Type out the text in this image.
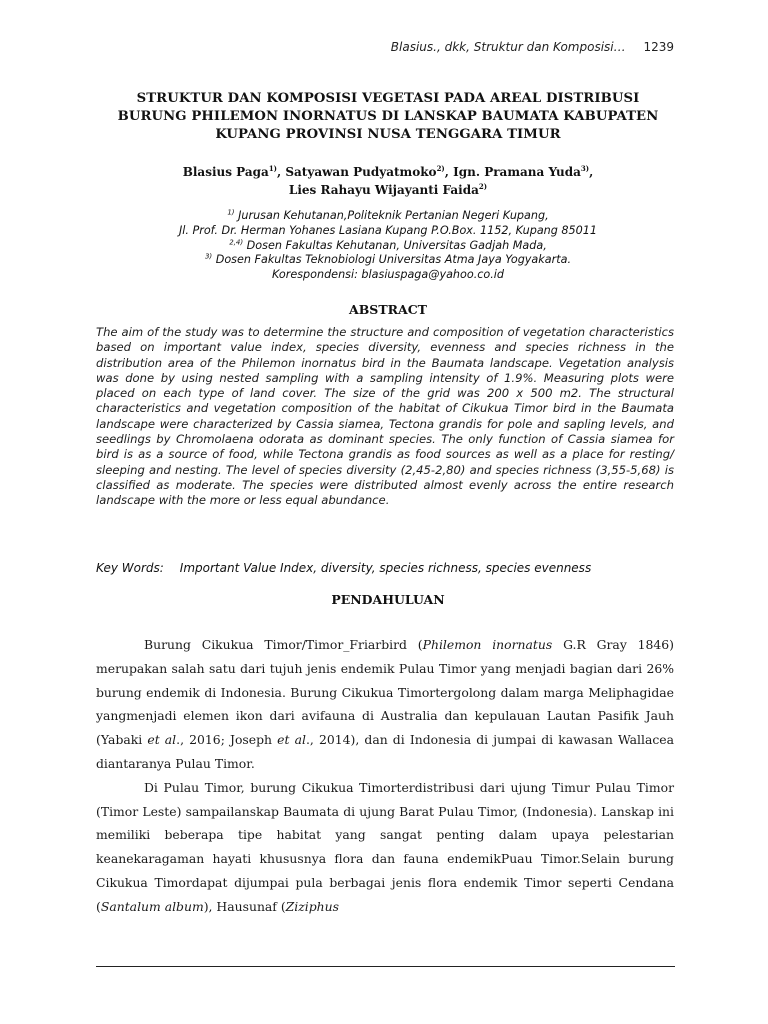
Blasius., dkk, Struktur dan Komposisi… 1239
STRUKTUR DAN KOMPOSISI VEGETASI PADA AREAL DISTRIBUSI
BURUNG PHILEMON INORNATUS DI LANSKAP BAUMATA KABUPATEN
KUPANG PROVINSI NUSA TENGGARA TIMUR
Blasius Paga$^{1)}$, Satyawan Pudyatmoko$^{2)}$, Ign. Pramana Yuda$^{3)}$,
Lies Rahayu Wijayanti Faida$^{2)}$
$^{1)}$ Jurusan Kehutanan,Politeknik Pertanian Negeri Kupang,
Jl. Prof. Dr. Herman Yohanes Lasiana Kupang P.O.Box. 1152, Kupang 85011
$^{2,4)}$ Dosen Fakultas Kehutanan, Universitas Gadjah Mada,
$^{3)}$ Dosen Fakultas Teknobiologi Universitas Atma Jaya Yogyakarta.
Korespondensi: blasiuspaga@yahoo.co.id
ABSTRACT

The aim of the study was to determine the structure and composition of vegetation characteristics based on important value index, species diversity, evenness and species richness in the distribution area of the Philemon inornatus bird in the Baumata landscape. Vegetation analysis was done by using nested sampling with a sampling intensity of 1.9%. Measuring plots were placed on each type of land cover. The size of the grid was 200 x 500 m2. The structural characteristics and vegetation composition of the habitat of Cikukua Timor bird in the Baumata landscape were characterized by Cassia siamea, Tectona grandis for pole and sapling levels, and seedlings by Chromolaena odorata as dominant species. The only function of Cassia siamea for bird is as a source of food, while Tectona grandis as food sources as well as a place for resting/ sleeping and nesting. The level of species diversity (2,45-2,80) and species richness (3,55-5,68) is classified as moderate. The species were distributed almost evenly across the entire research landscape with the more or less equal abundance.

Key Words: Important Value Index, diversity, species richness, species evenness
PENDAHULUAN

Burung Cikukua Timor/Timor_Friarbird (Philemon inornatus G.R Gray 1846) merupakan salah satu dari tujuh jenis endemik Pulau Timor yang menjadi bagian dari 26% burung endemik di Indonesia. Burung Cikukua Timortergolong dalam marga Meliphagidae yangmenjadi elemen ikon dari avifauna di Australia dan kepulauan Lautan Pasifik Jauh (Yabaki et al., 2016; Joseph et al., 2014), dan di Indonesia di jumpai di kawasan Wallacea diantaranya Pulau Timor.

Di Pulau Timor, burung Cikukua Timorterdistribusi dari ujung Timur Pulau Timor (Timor Leste) sampailanskap Baumata di ujung Barat Pulau Timor, (Indonesia). Lanskap ini memiliki beberapa tipe habitat yang sangat penting dalam upaya pelestarian keanekaragaman hayati khususnya flora dan fauna endemikPuau Timor.Selain burung Cikukua Timordapat dijumpai pula berbagai jenis flora endemik Timor seperti Cendana (Santalum album), Hausunaf (Ziziphus
